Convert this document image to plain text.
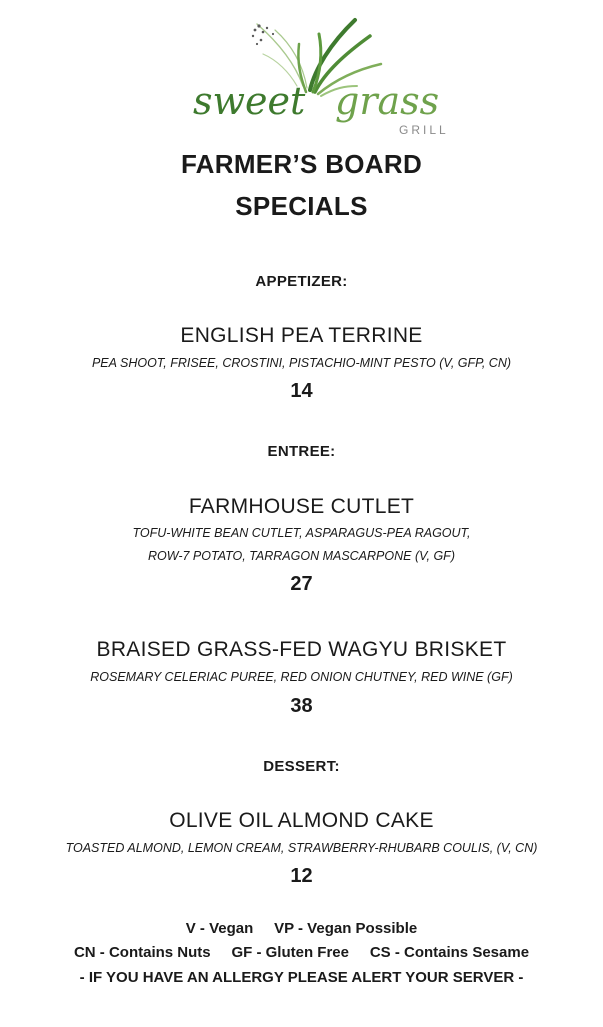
sweet grass
GRILL

FARMER’S BOARD

SPECIALS

APPETIZER:

ENGLISH PEA TERRINE

PEA SHOOT, FRISEE, CROSTINI, PISTACHIO-MINT PESTO (V, GFP, CN)

14

ENTREE:

FARMHOUSE CUTLET

TOFU-WHITE BEAN CUTLET, ASPARAGUS-PEA RAGOUT,

ROW-7 POTATO, TARRAGON MASCARPONE (V, GF)

27

BRAISED GRASS-FED WAGYU BRISKET

ROSEMARY CELERIAC PUREE, RED ONION CHUTNEY, RED WINE (GF)

38

DESSERT:

OLIVE OIL ALMOND CAKE

TOASTED ALMOND, LEMON CREAM, STRAWBERRY-RHUBARB COULIS, (V, CN)

12

V - Vegan     VP - Vegan Possible

CN - Contains Nuts     GF - Gluten Free     CS - Contains Sesame

- IF YOU HAVE AN ALLERGY PLEASE ALERT YOUR SERVER -
